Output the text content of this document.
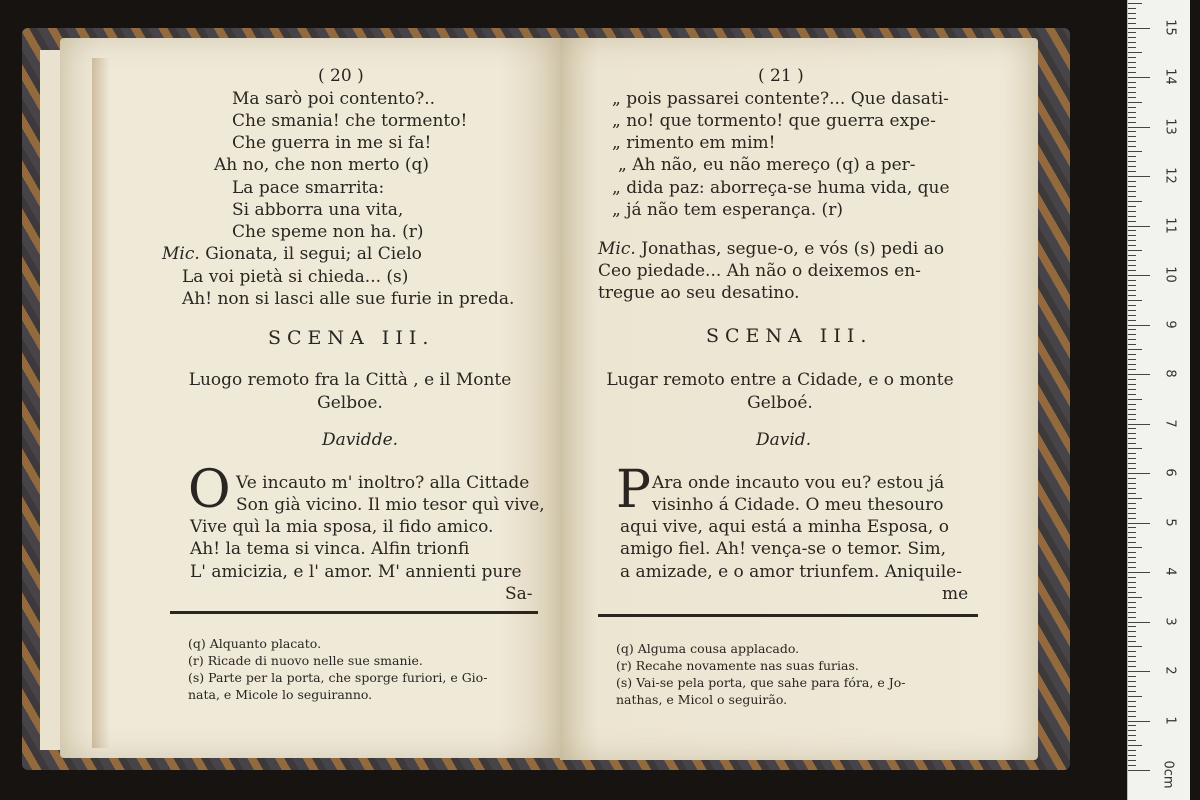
( 20 )
Ma sarò poi contento?..
Che smania! che tormento!
Che guerra in me si fa!
Ah no, che non merto (q)
La pace smarrita:
Si abborra una vita,
Che speme non ha. (r)
Mic. Gionata, il segui; al Cielo
La voi pietà si chieda... (s)
Ah! non si lasci alle sue furie in preda.
SCENA III.
Luogo remoto fra la Città , e il Monte
Gelboe.
Davidde.
O Ve incauto m' inoltro? alla Cittade
Son già vicino. Il mio tesor quì vive,
Vive quì la mia sposa, il fido amico.
Ah! la tema si vinca. Alfin trionfi
L' amicizia, e l' amor. M' annienti pure
Sa-
(q) Alquanto placato.
(r) Ricade di nuovo nelle sue smanie.
(s) Parte per la porta, che sporge furiori, e Gio-
nata, e Micole lo seguiranno.
( 21 )
„ pois passarei contente?... Que dasati-
„ no! que tormento! que guerra expe-
„ rimento em mim!
„ Ah não, eu não mereço (q) a per-
„ dida paz: aborreça-se huma vida, que
„ já não tem esperança. (r)
Mic. Jonathas, segue-o, e vós (s) pedi ao
Ceo piedade... Ah não o deixemos en-
tregue ao seu desatino.
SCENA III.
Lugar remoto entre a Cidade, e o monte
Gelboé.
David.
P Ara onde incauto vou eu? estou já
visinho á Cidade. O meu thesouro
aqui vive, aqui está a minha Esposa, o
amigo fiel. Ah! vença-se o temor. Sim,
a amizade, e o amor triunfem. Aniquile-
me
(q) Alguma cousa applacado.
(r) Recahe novamente nas suas furias.
(s) Vai-se pela porta, que sahe para fóra, e Jo-
nathas, e Micol o seguirão.
0cm
1
2
3
4
5
6
7
8
9
10
11
12
13
14
15
